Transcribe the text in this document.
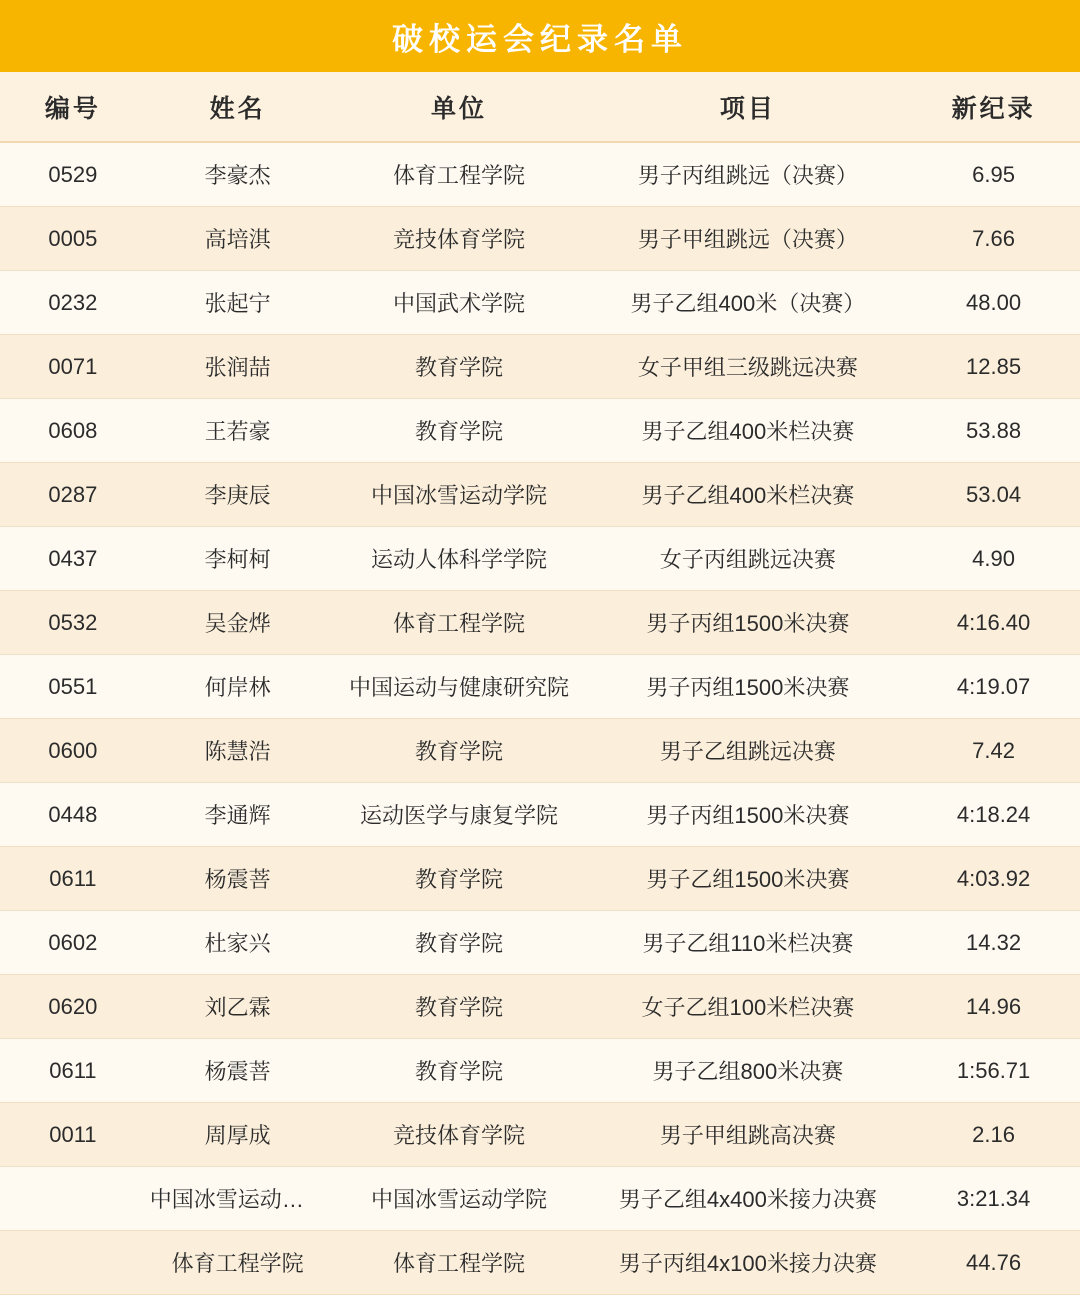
破校运会纪录名单
编号	姓名	单位	项目	新纪录
0529	李豪杰	体育工程学院	男子丙组跳远（决赛）	6.95
0005	高培淇	竞技体育学院	男子甲组跳远（决赛）	7.66
0232	张起宁	中国武术学院	男子乙组400米（决赛）	48.00
0071	张润喆	教育学院	女子甲组三级跳远决赛	12.85
0608	王若豪	教育学院	男子乙组400米栏决赛	53.88
0287	李庚辰	中国冰雪运动学院	男子乙组400米栏决赛	53.04
0437	李柯柯	运动人体科学学院	女子丙组跳远决赛	4.90
0532	吴金烨	体育工程学院	男子丙组1500米决赛	4:16.40
0551	何岸林	中国运动与健康研究院	男子丙组1500米决赛	4:19.07
0600	陈慧浩	教育学院	男子乙组跳远决赛	7.42
0448	李通辉	运动医学与康复学院	男子丙组1500米决赛	4:18.24
0611	杨震菩	教育学院	男子乙组1500米决赛	4:03.92
0602	杜家兴	教育学院	男子乙组110米栏决赛	14.32
0620	刘乙霖	教育学院	女子乙组100米栏决赛	14.96
0611	杨震菩	教育学院	男子乙组800米决赛	1:56.71
0011	周厚成	竞技体育学院	男子甲组跳高决赛	2.16
	中国冰雪运动学院	中国冰雪运动学院	男子乙组4x400米接力决赛	3:21.34
	体育工程学院	体育工程学院	男子丙组4x100米接力决赛	44.76
